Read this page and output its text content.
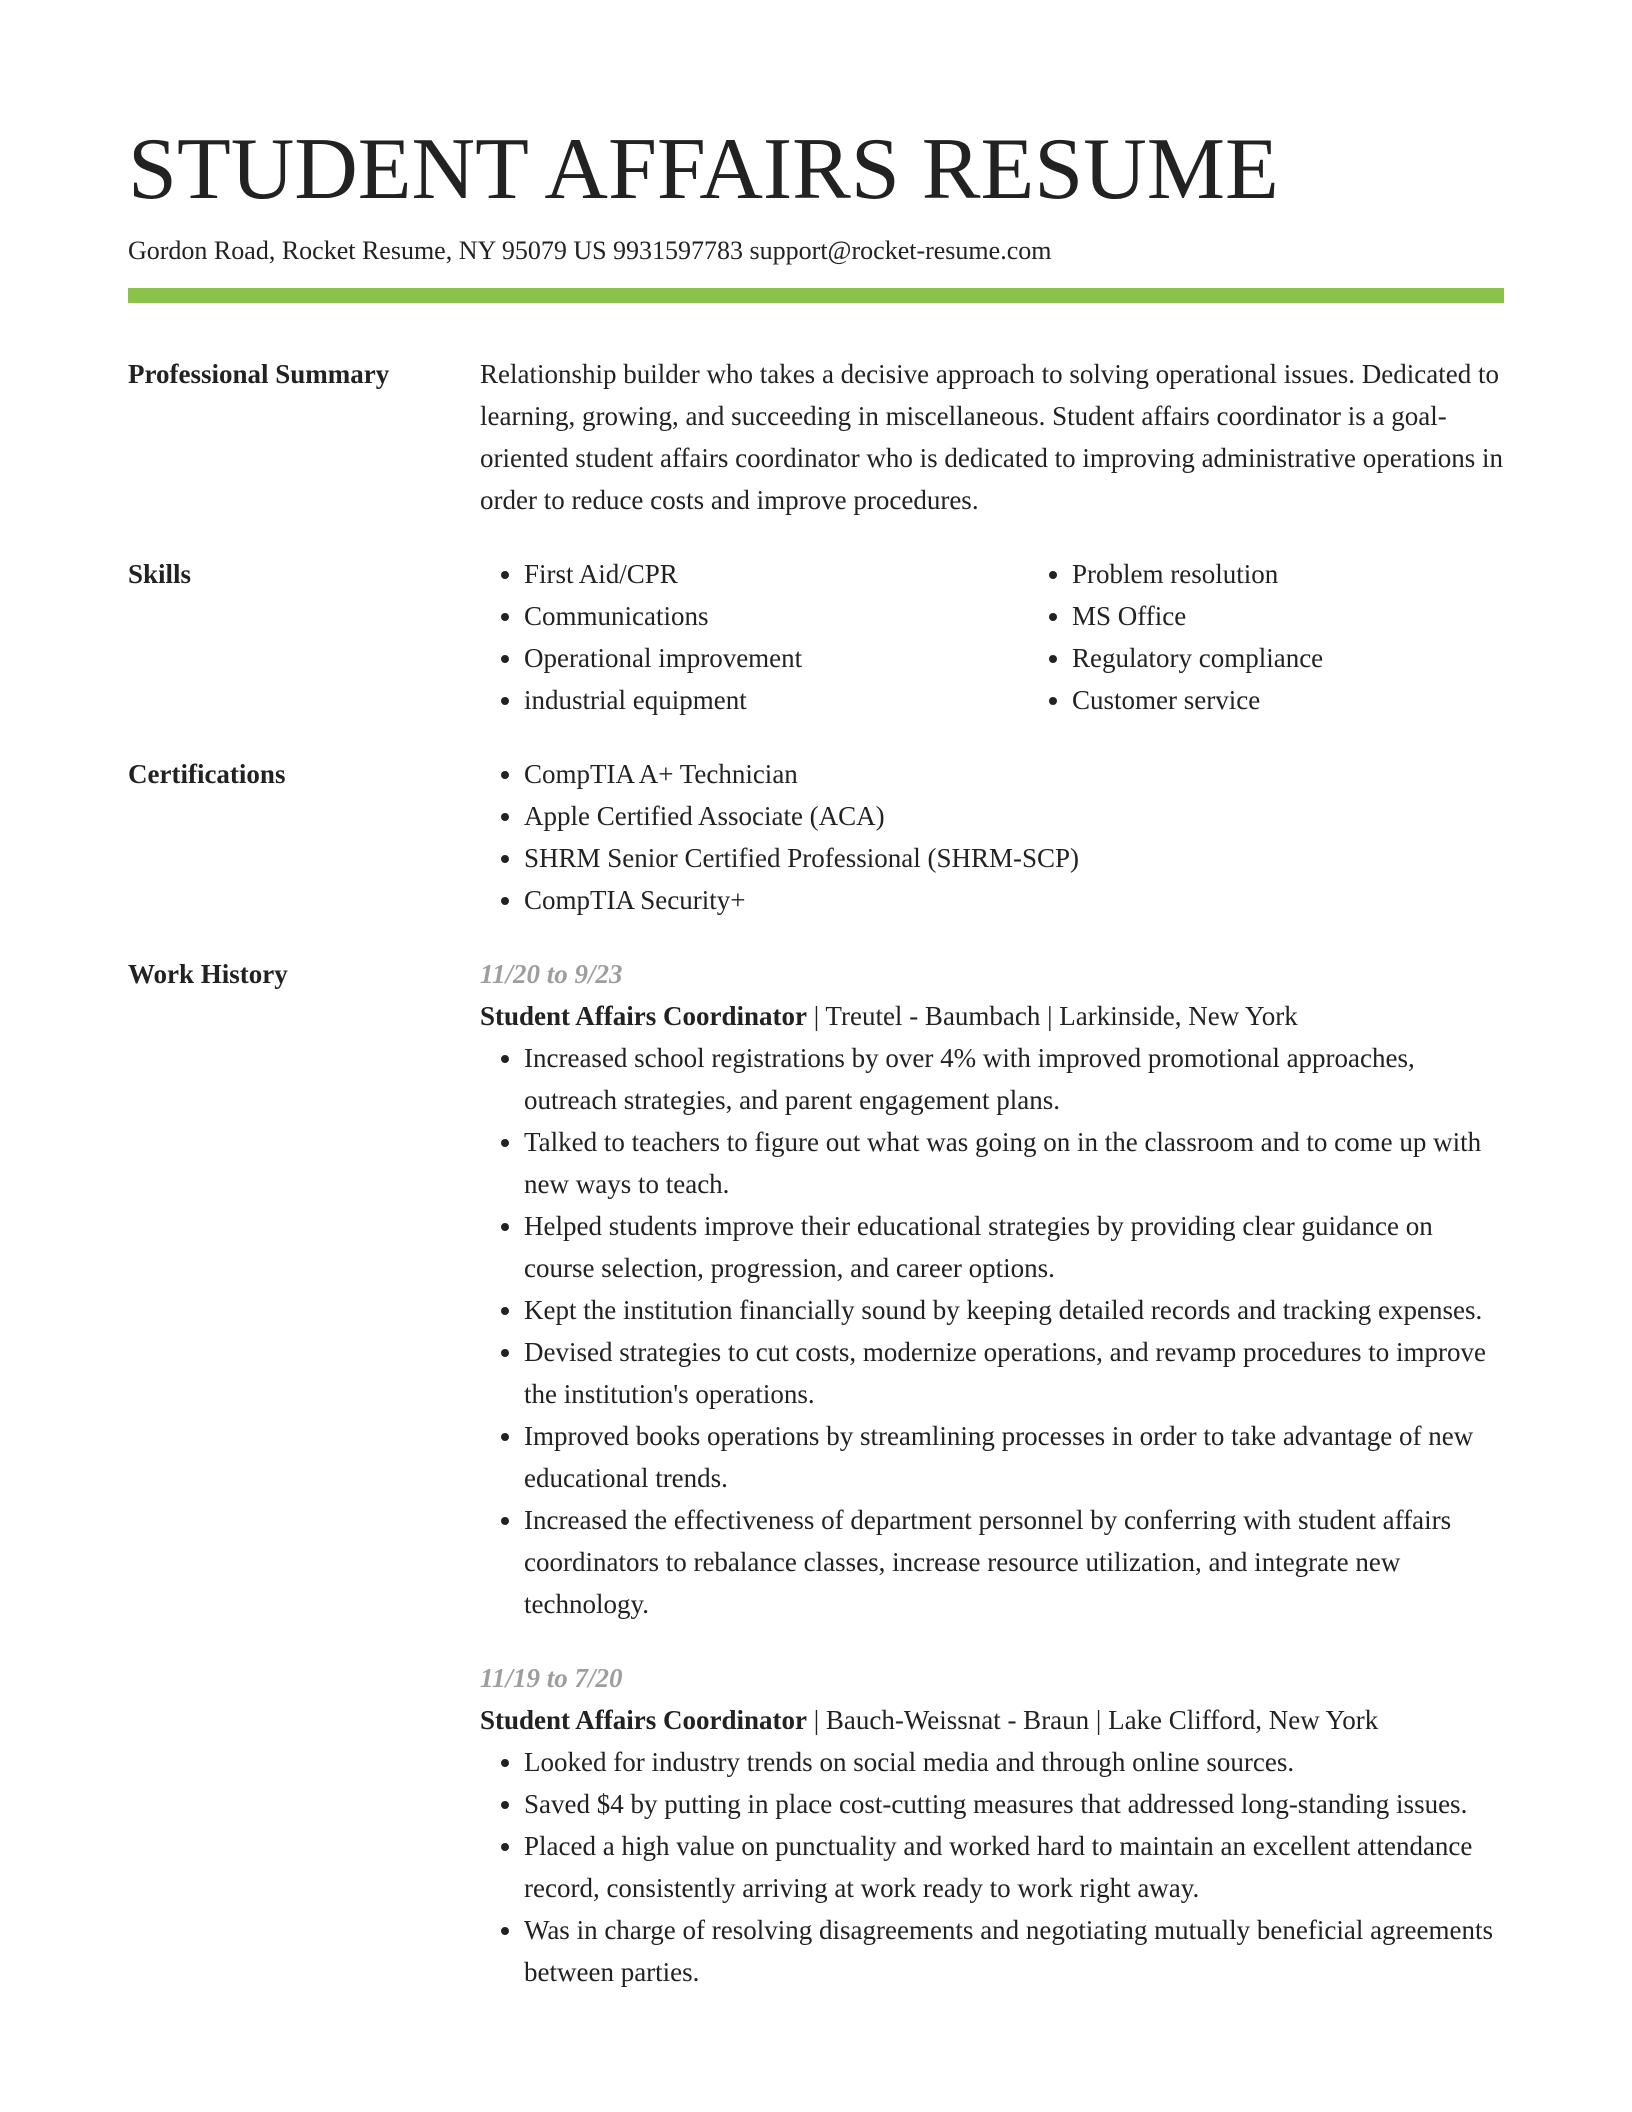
STUDENT AFFAIRS RESUME
Gordon Road, Rocket Resume, NY 95079 US 9931597783 support@rocket-resume.com
Professional Summary	Relationship builder who takes a decisive approach to solving operational issues. Dedicated to learning, growing, and succeeding in miscellaneous. Student affairs coordinator is a goal-oriented student affairs coordinator who is dedicated to improving administrative operations in order to reduce costs and improve procedures.
Skills	• First Aid/CPR
• Communications
• Operational improvement
• industrial equipment
• Problem resolution
• MS Office
• Regulatory compliance
• Customer service
Certifications	• CompTIA A+ Technician
• Apple Certified Associate (ACA)
• SHRM Senior Certified Professional (SHRM-SCP)
• CompTIA Security+
Work History	11/20 to 9/23
Student Affairs Coordinator | Treutel - Baumbach | Larkinside, New York
• Increased school registrations by over 4% with improved promotional approaches, outreach strategies, and parent engagement plans.
• Talked to teachers to figure out what was going on in the classroom and to come up with new ways to teach.
• Helped students improve their educational strategies by providing clear guidance on course selection, progression, and career options.
• Kept the institution financially sound by keeping detailed records and tracking expenses.
• Devised strategies to cut costs, modernize operations, and revamp procedures to improve the institution's operations.
• Improved books operations by streamlining processes in order to take advantage of new educational trends.
• Increased the effectiveness of department personnel by conferring with student affairs coordinators to rebalance classes, increase resource utilization, and integrate new technology.
11/19 to 7/20
Student Affairs Coordinator | Bauch-Weissnat - Braun | Lake Clifford, New York
• Looked for industry trends on social media and through online sources.
• Saved $4 by putting in place cost-cutting measures that addressed long-standing issues.
• Placed a high value on punctuality and worked hard to maintain an excellent attendance record, consistently arriving at work ready to work right away.
• Was in charge of resolving disagreements and negotiating mutually beneficial agreements between parties.
